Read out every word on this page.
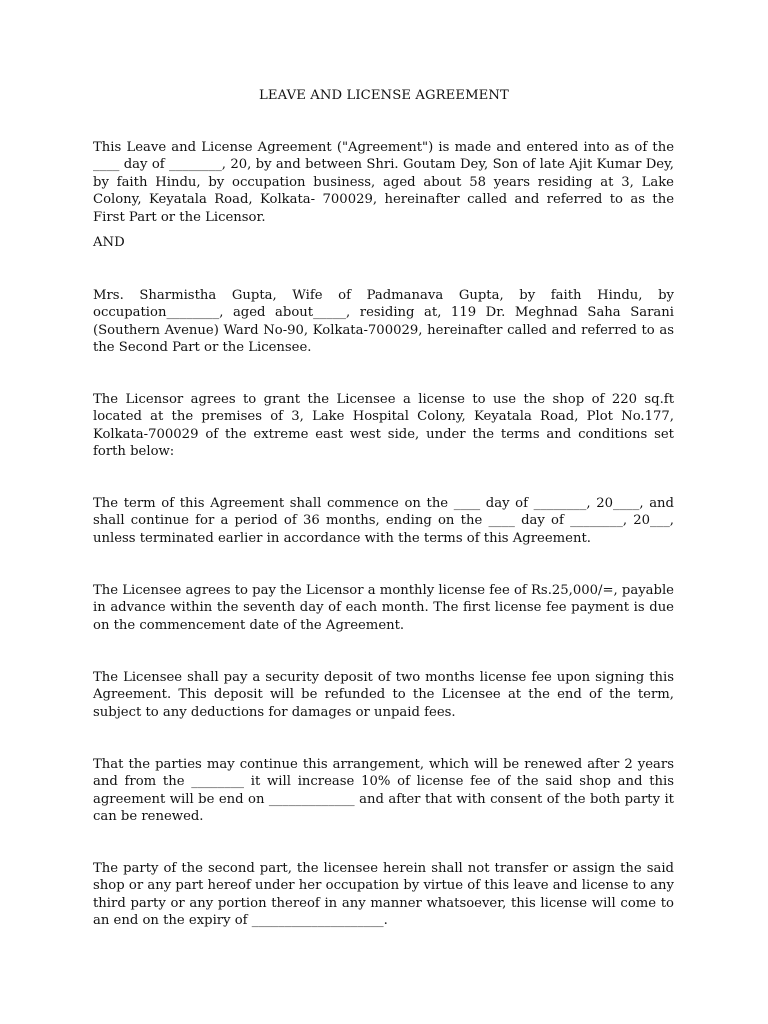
LEAVE AND LICENSE AGREEMENT

This Leave and License Agreement ("Agreement") is made and entered into as of the ____ day of ________, 20, by and between Shri. Goutam Dey, Son of late Ajit Kumar Dey, by faith Hindu, by occupation business, aged about 58 years residing at 3, Lake Colony, Keyatala Road, Kolkata- 700029, hereinafter called and referred to as the First Part or the Licensor.

AND

Mrs. Sharmistha Gupta, Wife of Padmanava Gupta, by faith Hindu, by occupation________, aged about_____, residing at, 119 Dr. Meghnad Saha Sarani (Southern Avenue) Ward No-90, Kolkata-700029, hereinafter called and referred to as the Second Part or the Licensee.

The Licensor agrees to grant the Licensee a license to use the shop of 220 sq.ft located at the premises of 3, Lake Hospital Colony, Keyatala Road, Plot No.177, Kolkata-700029 of the extreme east west side, under the terms and conditions set forth below:

The term of this Agreement shall commence on the ____ day of ________, 20____, and shall continue for a period of 36 months, ending on the ____ day of ________, 20___, unless terminated earlier in accordance with the terms of this Agreement.

The Licensee agrees to pay the Licensor a monthly license fee of Rs.25,000/=, payable in advance within the seventh day of each month. The first license fee payment is due on the commencement date of the Agreement.

The Licensee shall pay a security deposit of two months license fee upon signing this Agreement. This deposit will be refunded to the Licensee at the end of the term, subject to any deductions for damages or unpaid fees.

That the parties may continue this arrangement, which will be renewed after 2 years and from the ________ it will increase 10% of license fee of the said shop and this agreement will be end on _____________ and after that with consent of the both party it can be renewed.

The party of the second part, the licensee herein shall not transfer or assign the said shop or any part hereof under her occupation by virtue of this leave and license to any third party or any portion thereof in any manner whatsoever, this license will come to an end on the expiry of ____________________.
